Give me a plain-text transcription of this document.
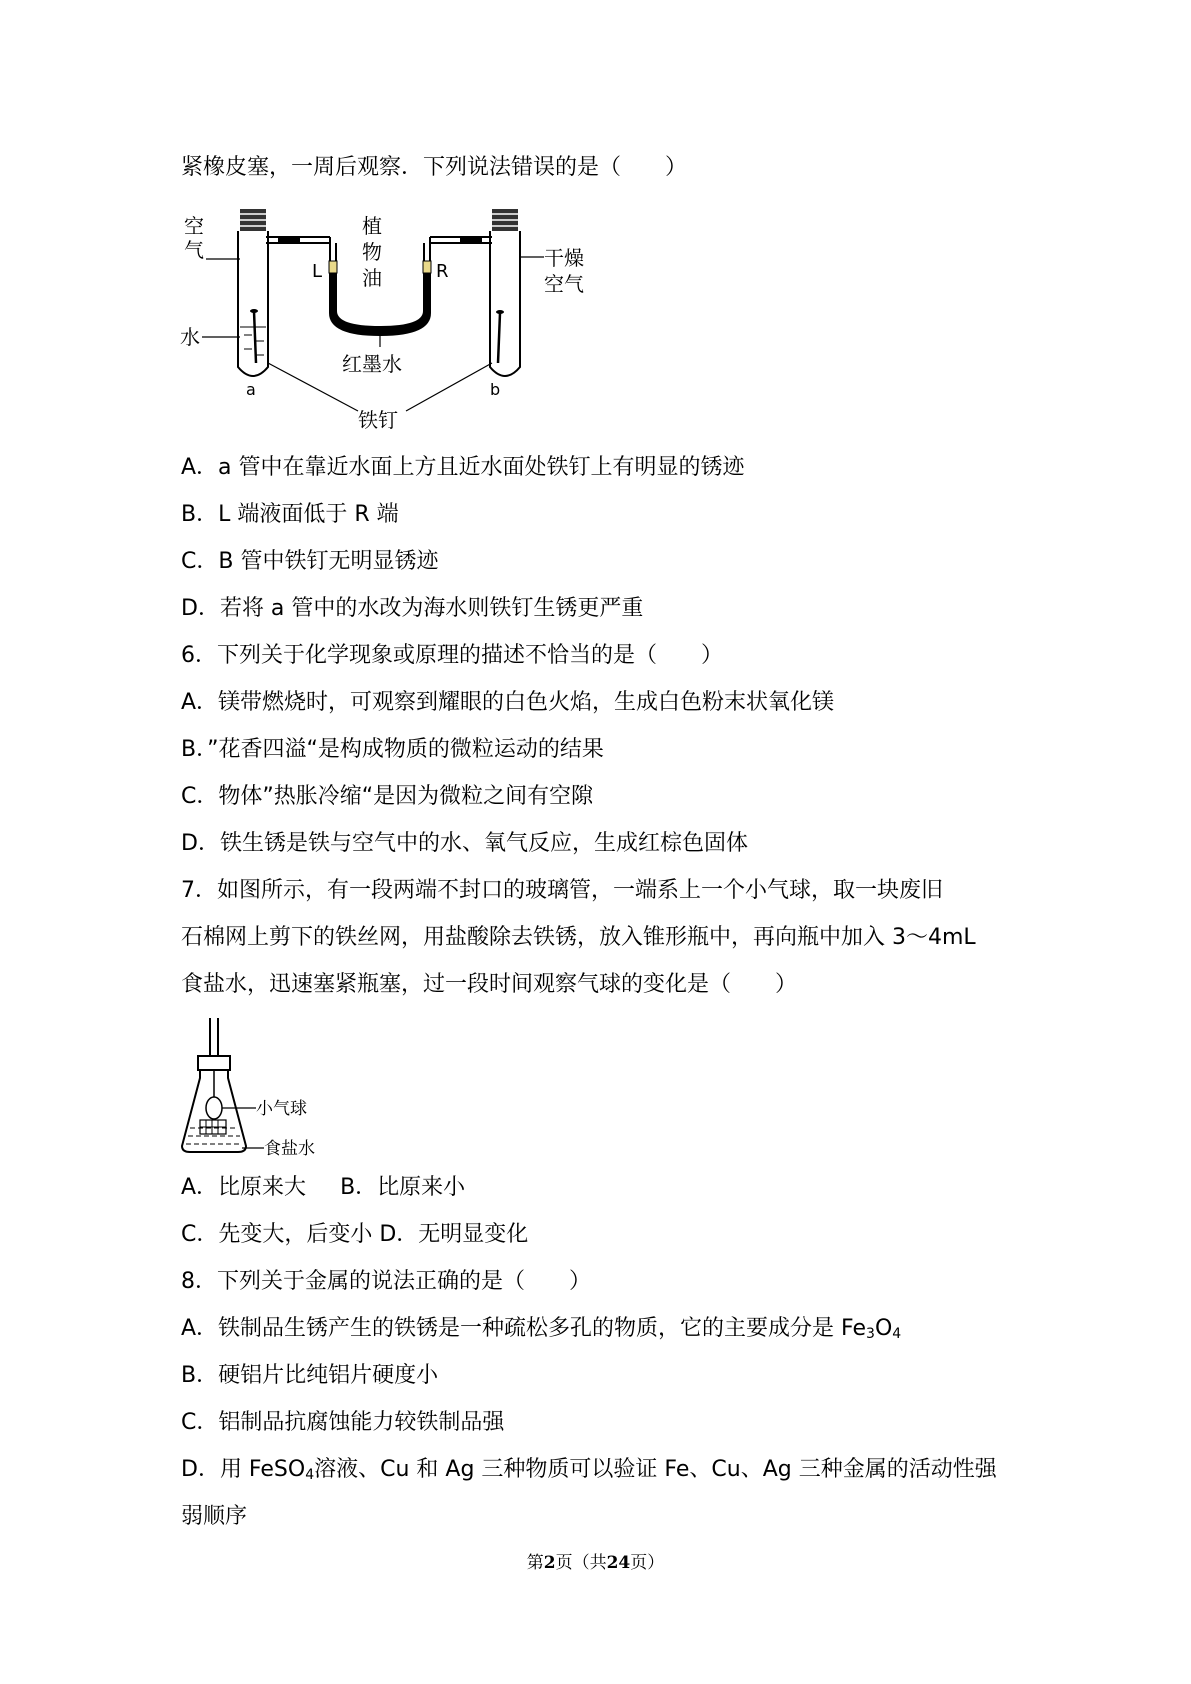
紧橡皮塞，一周后观察．下列说法错误的是（　　）
空
气
水
植
物
油
L	R
干燥
空气
红墨水
a	b
铁钉
A．a 管中在靠近水面上方且近水面处铁钉上有明显的锈迹
B．L 端液面低于 R 端
C．B 管中铁钉无明显锈迹
D．若将 a 管中的水改为海水则铁钉生锈更严重
6．下列关于化学现象或原理的描述不恰当的是（　　）
A．镁带燃烧时，可观察到耀眼的白色火焰，生成白色粉末状氧化镁
B．”花香四溢“是构成物质的微粒运动的结果
C．物体”热胀冷缩“是因为微粒之间有空隙
D．铁生锈是铁与空气中的水、氧气反应，生成红棕色固体
7．如图所示，有一段两端不封口的玻璃管，一端系上一个小气球，取一块废旧
石棉网上剪下的铁丝网，用盐酸除去铁锈，放入锥形瓶中，再向瓶中加入 3～4mL
食盐水，迅速塞紧瓶塞，过一段时间观察气球的变化是（　　）
小气球
食盐水
A．比原来大 B．比原来小
C．先变大，后变小 D．无明显变化
8．下列关于金属的说法正确的是（　　）
A．铁制品生锈产生的铁锈是一种疏松多孔的物质，它的主要成分是 $Fe_3O_4$
B．硬铝片比纯铝片硬度小
C．铝制品抗腐蚀能力较铁制品强
D．用 FeSO$_4$溶液、Cu 和 Ag 三种物质可以验证 Fe、Cu、Ag 三种金属的活动性强
弱顺序
第2页（共24页）
